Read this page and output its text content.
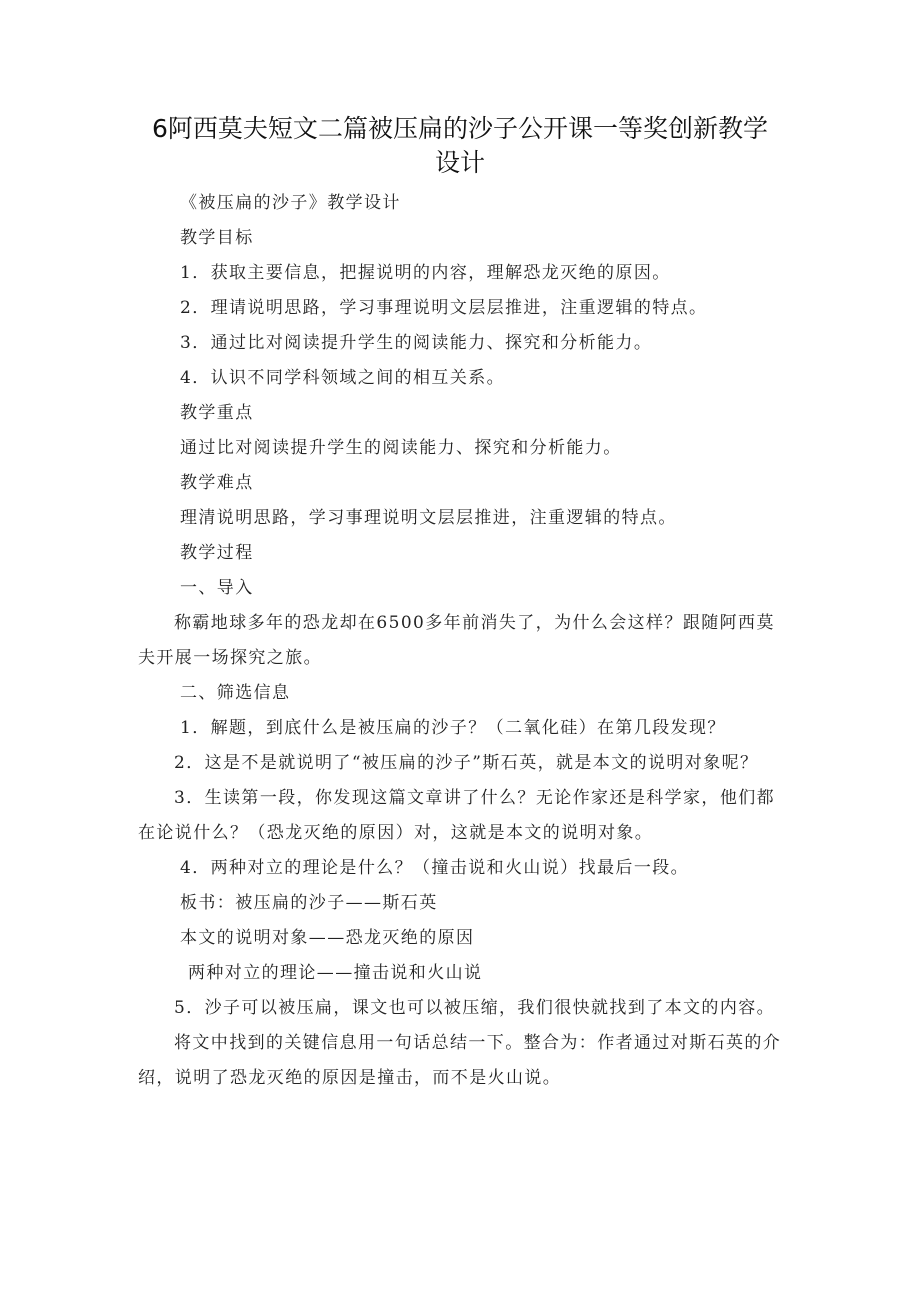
6阿西莫夫短文二篇被压扁的沙子公开课一等奖创新教学设计

《被压扁的沙子》教学设计

教学目标

1．获取主要信息，把握说明的内容，理解恐龙灭绝的原因。

2．理请说明思路，学习事理说明文层层推进，注重逻辑的特点。

3．通过比对阅读提升学生的阅读能力、探究和分析能力。

4．认识不同学科领域之间的相互关系。

教学重点

通过比对阅读提升学生的阅读能力、探究和分析能力。

教学难点

理清说明思路，学习事理说明文层层推进，注重逻辑的特点。

教学过程

一、导入

称霸地球多年的恐龙却在6500多年前消失了，为什么会这样？跟随阿西莫夫开展一场探究之旅。

二、筛选信息

1．解题，到底什么是被压扁的沙子？（二氧化硅）在第几段发现？

2．这是不是就说明了“被压扁的沙子”斯石英，就是本文的说明对象呢？

3．生读第一段，你发现这篇文章讲了什么？无论作家还是科学家，他们都在论说什么？（恐龙灭绝的原因）对，这就是本文的说明对象。

4．两种对立的理论是什么？（撞击说和火山说）找最后一段。

板书：被压扁的沙子——斯石英

本文的说明对象——恐龙灭绝的原因

两种对立的理论——撞击说和火山说

5．沙子可以被压扁，课文也可以被压缩，我们很快就找到了本文的内容。

将文中找到的关键信息用一句话总结一下。整合为：作者通过对斯石英的介绍，说明了恐龙灭绝的原因是撞击，而不是火山说。
